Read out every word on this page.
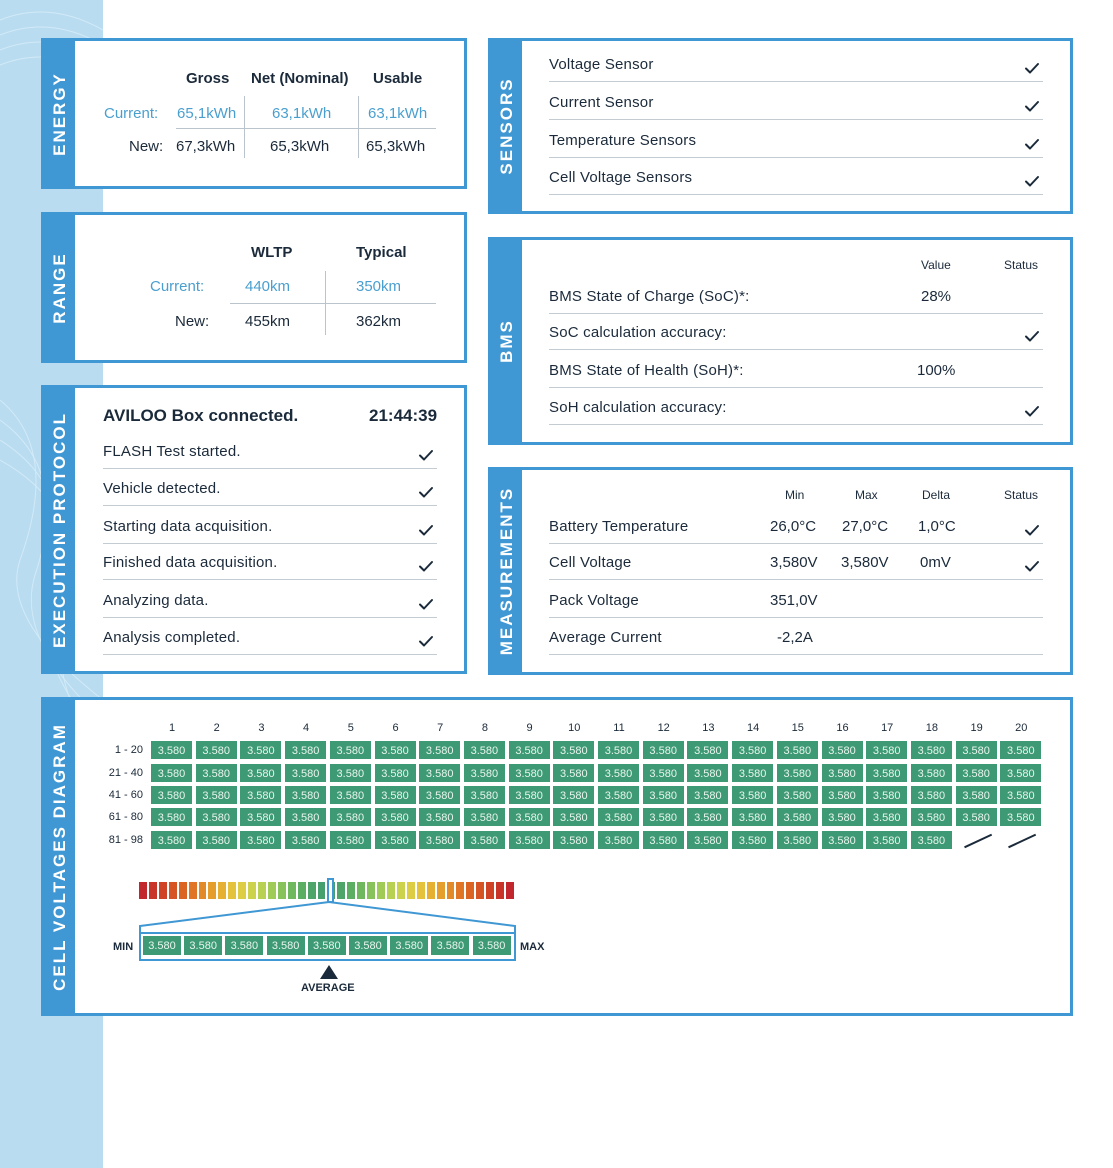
ENERGY	Gross Net (Nominal) Usable
Current: 65,1kWh 63,1kWh 63,1kWh
New: 67,3kWh 65,3kWh 65,3kWh
RANGE	WLTP	Typical
Current:	440km	350km
New: 455km	362km
EXECUTION PROTOCOL AVILOO Box connected.	21:44:39
FLASH Test started.
Vehicle detected.
Starting data acquisition.
Finished data acquisition.
Analyzing data.
Analysis completed.
SENSORS
Voltage Sensor
Current Sensor
Temperature Sensors
Cell Voltage Sensors
BMS
Value	Status
BMS State of Charge (SoC)*:	28%
SoC calculation accuracy:
BMS State of Health (SoH)*:	100%
SoH calculation accuracy:
MEASUREMENTS	Min	Max	Delta	Status
Battery Temperature	26,0°C 27,0°C 1,0°C
Cell Voltage	3,580V 3,580V 0mV
Pack Voltage	351,0V
Average Current	-2,2A
CELL VOLTAGES DIAGRAM	1	2	3	4	5	6	7	8	9	10	11	12	13	14	15	16	17	18	19	20
1 - 20	3.580	3.580	3.580	3.580	3.580	3.580	3.580	3.580	3.580	3.580	3.580	3.580	3.580	3.580	3.580	3.580	3.580	3.580	3.580	3.580
21 - 40	3.580	3.580	3.580	3.580	3.580	3.580	3.580	3.580	3.580	3.580	3.580	3.580	3.580	3.580	3.580	3.580	3.580	3.580	3.580	3.580
41 - 60	3.580	3.580	3.580	3.580	3.580	3.580	3.580	3.580	3.580	3.580	3.580	3.580	3.580	3.580	3.580	3.580	3.580	3.580	3.580	3.580
61 - 80	3.580	3.580	3.580	3.580	3.580	3.580	3.580	3.580	3.580	3.580	3.580	3.580	3.580	3.580	3.580	3.580	3.580	3.580	3.580	3.580
81 - 98	3.580	3.580	3.580	3.580	3.580	3.580	3.580	3.580	3.580	3.580	3.580	3.580	3.580	3.580	3.580	3.580	3.580	3.580
3.580	3.580	3.580	3.580	3.580	3.580	3.580	3.580	3.580
MIN	MAX
AVERAGE
